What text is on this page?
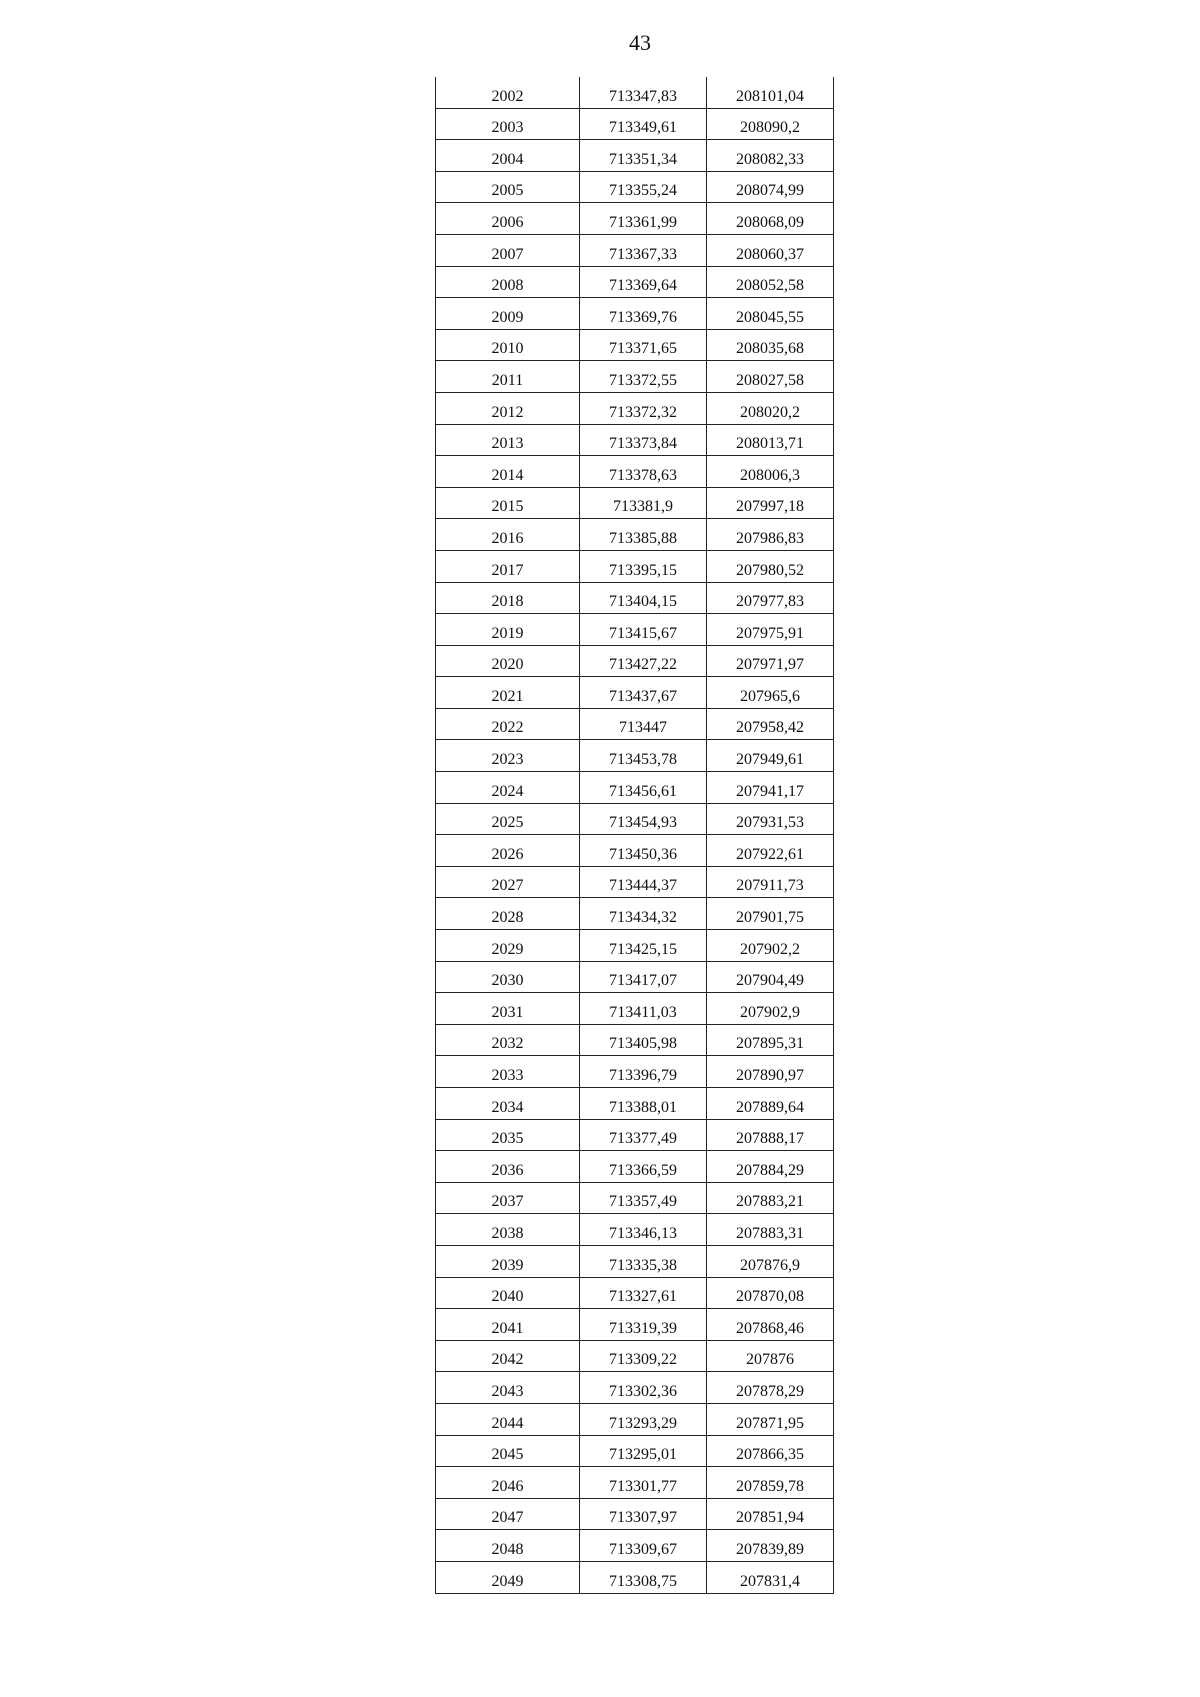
43
2002	713347,83	208101,04
2003	713349,61	208090,2
2004	713351,34	208082,33
2005	713355,24	208074,99
2006	713361,99	208068,09
2007	713367,33	208060,37
2008	713369,64	208052,58
2009	713369,76	208045,55
2010	713371,65	208035,68
2011	713372,55	208027,58
2012	713372,32	208020,2
2013	713373,84	208013,71
2014	713378,63	208006,3
2015	713381,9	207997,18
2016	713385,88	207986,83
2017	713395,15	207980,52
2018	713404,15	207977,83
2019	713415,67	207975,91
2020	713427,22	207971,97
2021	713437,67	207965,6
2022	713447	207958,42
2023	713453,78	207949,61
2024	713456,61	207941,17
2025	713454,93	207931,53
2026	713450,36	207922,61
2027	713444,37	207911,73
2028	713434,32	207901,75
2029	713425,15	207902,2
2030	713417,07	207904,49
2031	713411,03	207902,9
2032	713405,98	207895,31
2033	713396,79	207890,97
2034	713388,01	207889,64
2035	713377,49	207888,17
2036	713366,59	207884,29
2037	713357,49	207883,21
2038	713346,13	207883,31
2039	713335,38	207876,9
2040	713327,61	207870,08
2041	713319,39	207868,46
2042	713309,22	207876
2043	713302,36	207878,29
2044	713293,29	207871,95
2045	713295,01	207866,35
2046	713301,77	207859,78
2047	713307,97	207851,94
2048	713309,67	207839,89
2049	713308,75	207831,4
